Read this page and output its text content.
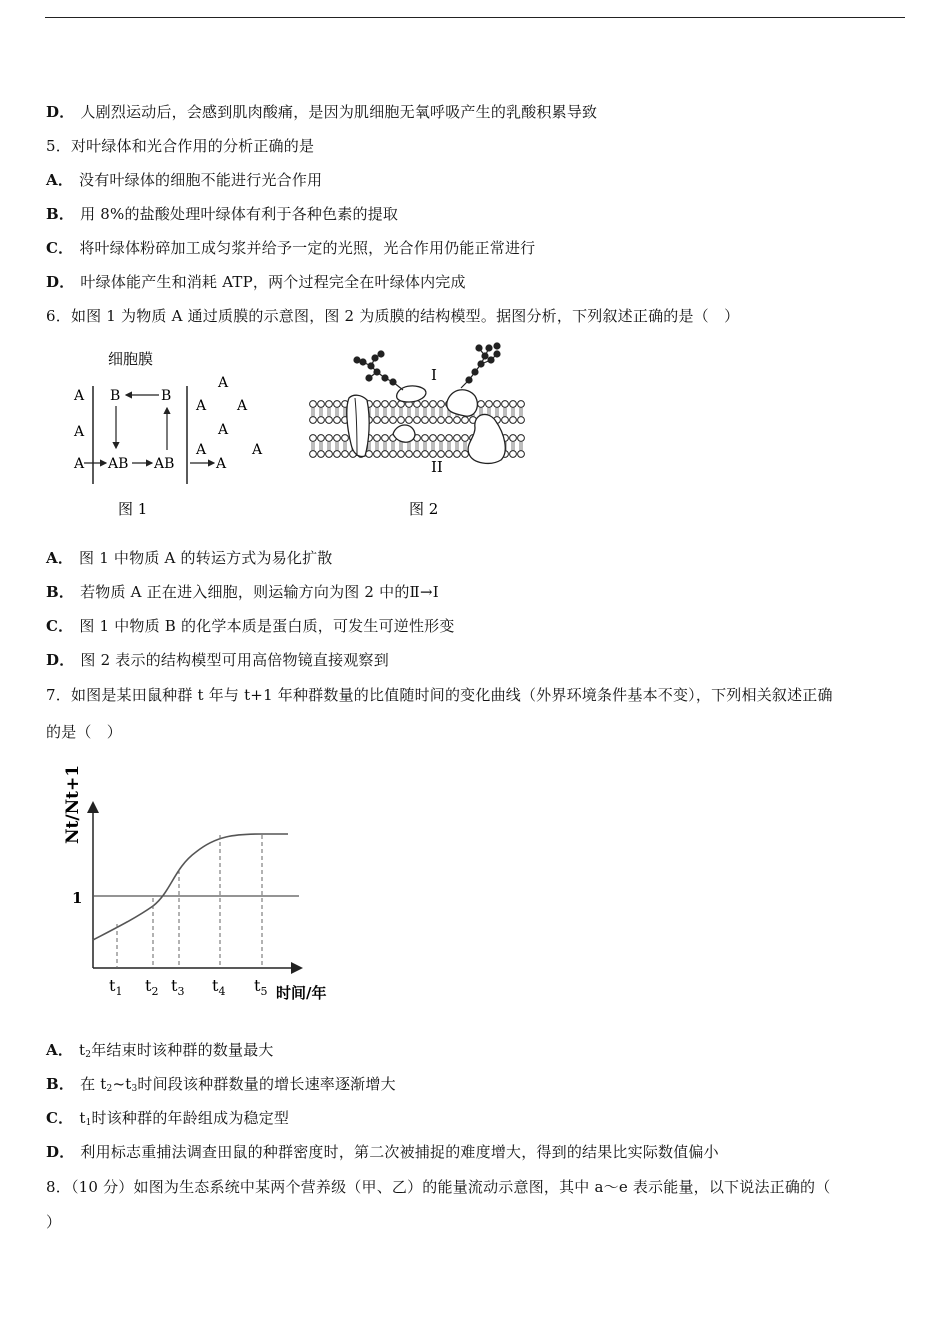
D． 人剧烈运动后，会感到肌肉酸痛，是因为肌细胞无氧呼吸产生的乳酸积累导致
5．对叶绿体和光合作用的分析正确的是
A． 没有叶绿体的细胞不能进行光合作用
B． 用 8%的盐酸处理叶绿体有利于各种色素的提取
C． 将叶绿体粉碎加工成匀浆并给予一定的光照，光合作用仍能正常进行
D． 叶绿体能产生和消耗 ATP，两个过程完全在叶绿体内完成
6．如图 1 为物质 A 通过质膜的示意图，图 2 为质膜的结构模型。据图分析，下列叙述正确的是（　）
细胞膜
A
A
A
B	B
AB AB	A
A
A A
A
A	A
图 1
I
II
图 2
A． 图 1 中物质 A 的转运方式为易化扩散
B． 若物质 A 正在进入细胞，则运输方向为图 2 中的Ⅱ→Ⅰ
C． 图 1 中物质 B 的化学本质是蛋白质，可发生可逆性形变
D． 图 2 表示的结构模型可用高倍物镜直接观察到
7．如图是某田鼠种群 t 年与 t+1 年种群数量的比值随时间的变化曲线（外界环境条件基本不变），下列相关叙述正确
的是（　）
Nt/Nt+1
1
$t_1$ $t_2$ $t_3$ $t_4$ $t_5$ 时间/年
A． $t_2$年结束时该种群的数量最大
B． 在 $t_2\sim t_3$时间段该种群数量的增长速率逐渐增大
C． $t_1$时该种群的年龄组成为稳定型
D． 利用标志重捕法调查田鼠的种群密度时，第二次被捕捉的难度增大，得到的结果比实际数值偏小
8．（10 分）如图为生态系统中某两个营养级（甲、乙）的能量流动示意图，其中 a～e 表示能量，以下说法正确的（
）
